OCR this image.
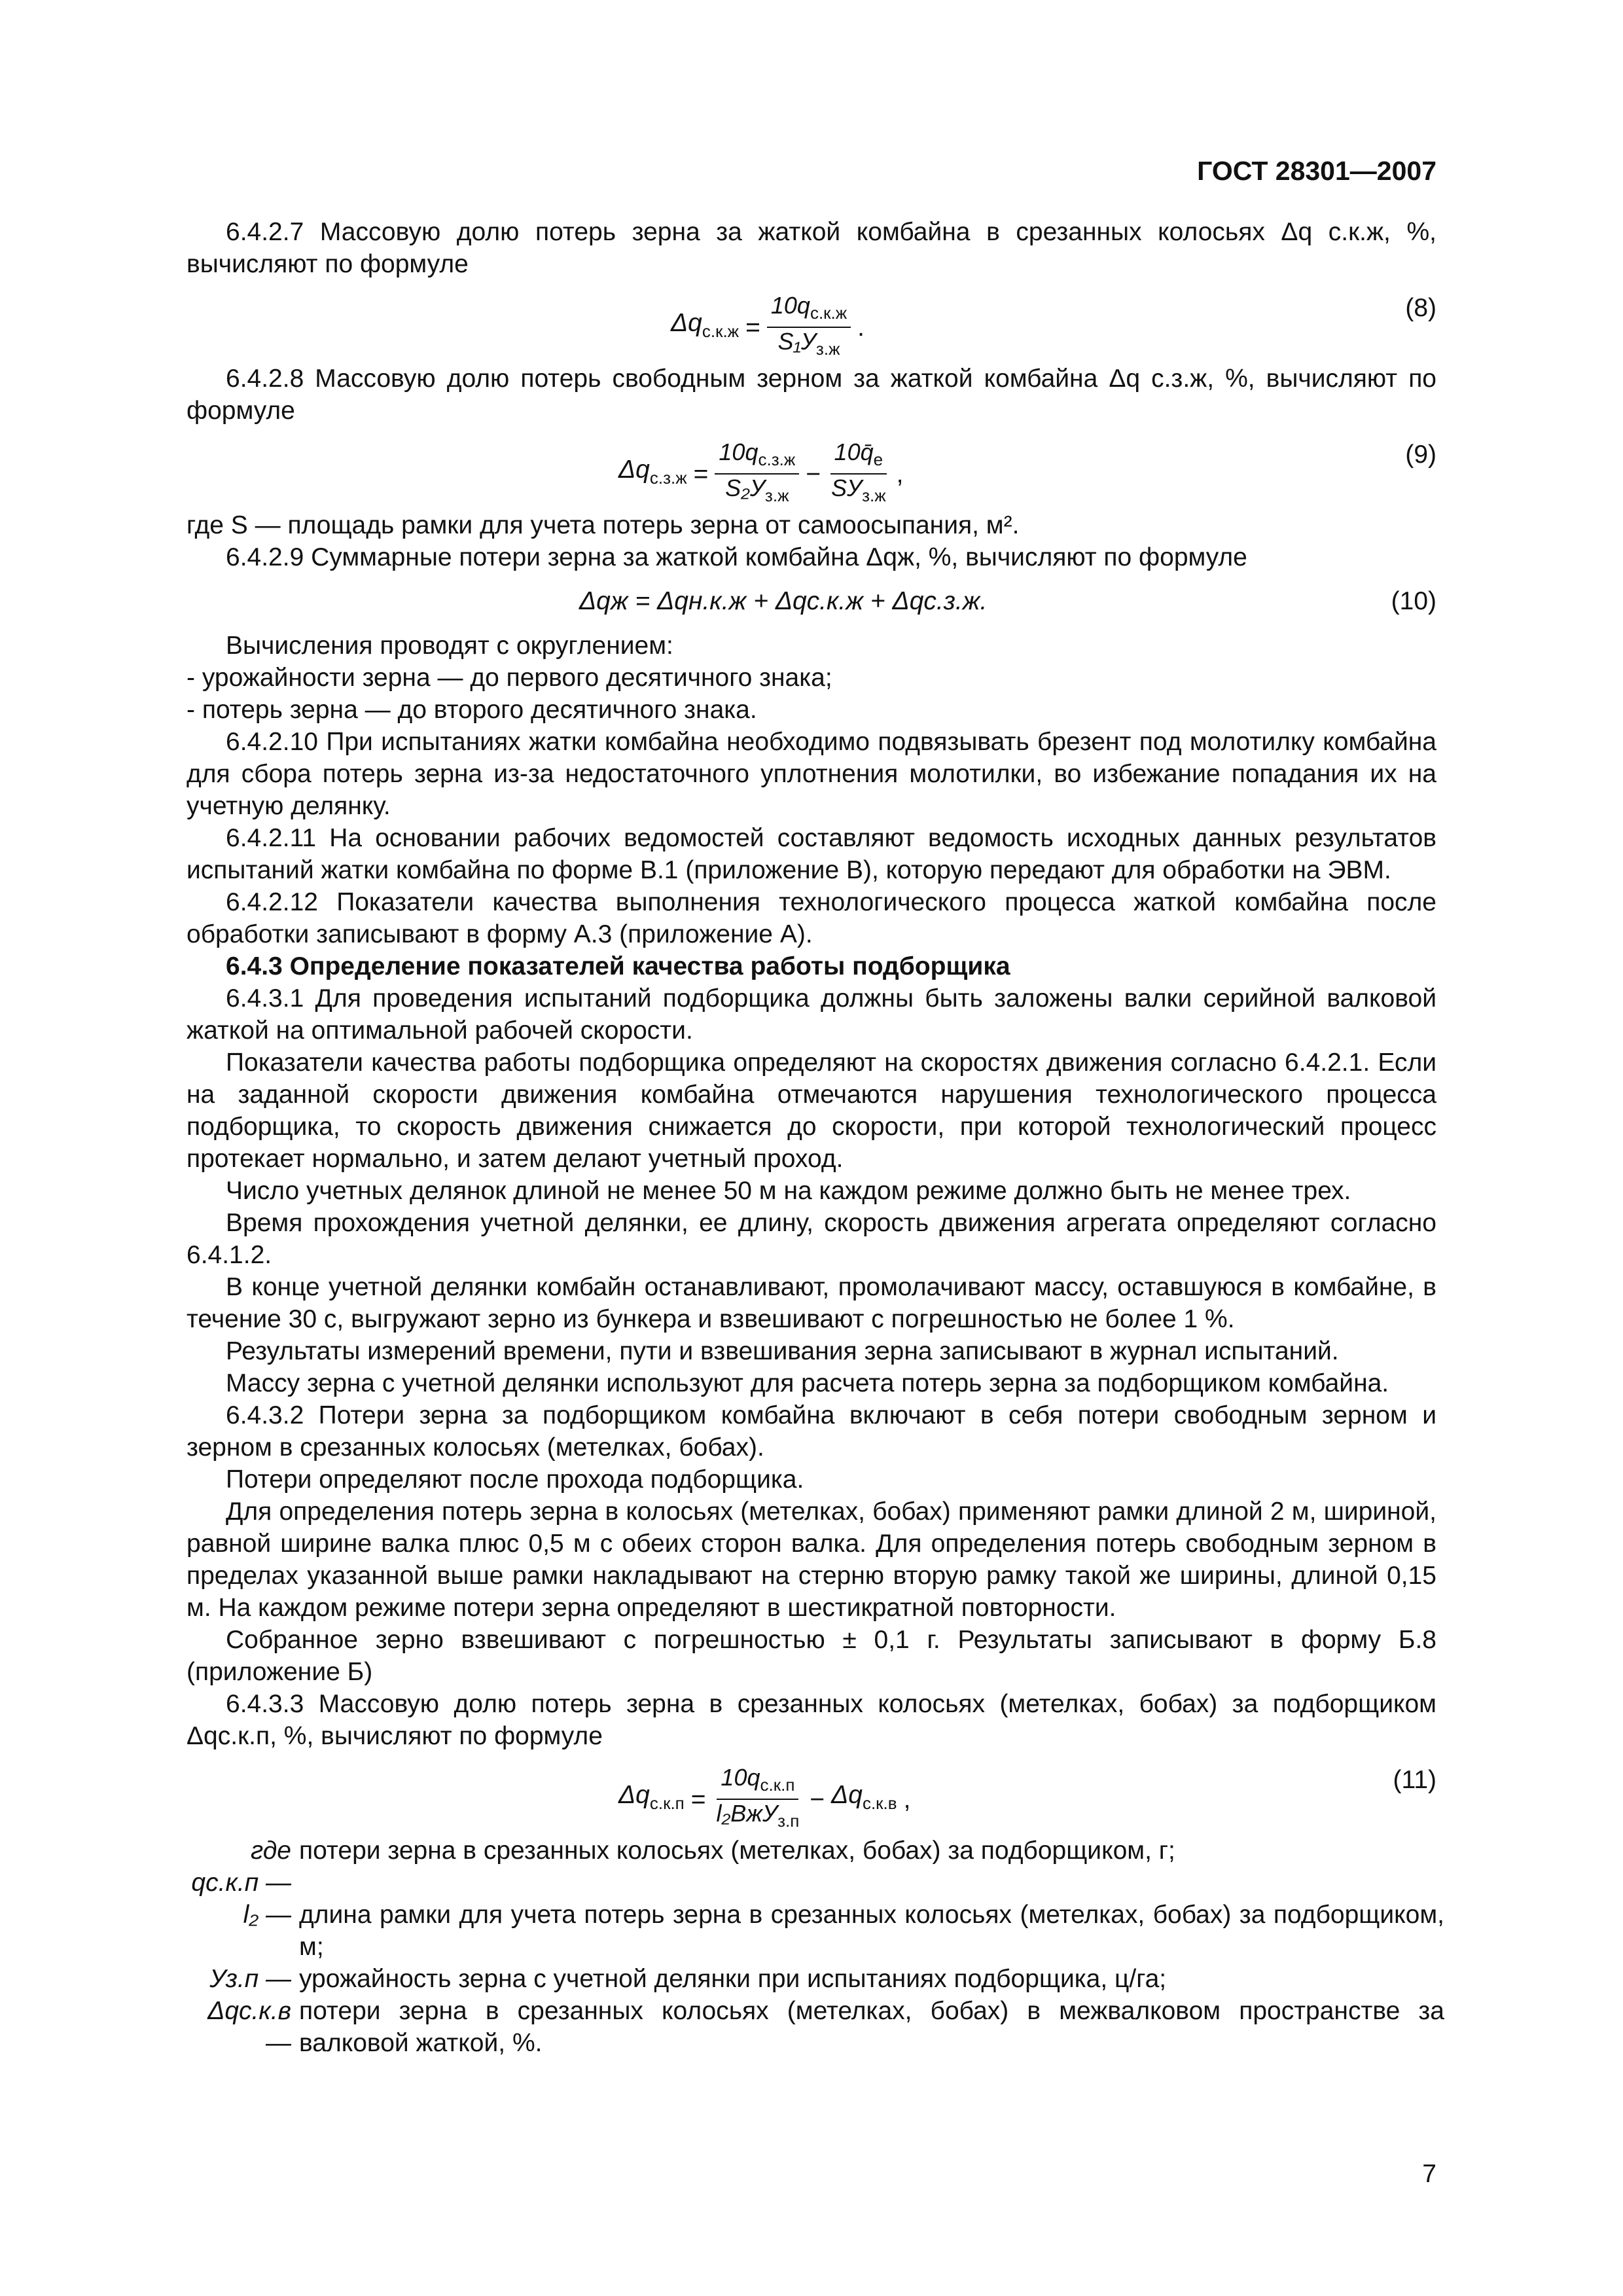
ГОСТ 28301—2007

6.4.2.7 Массовую долю потерь зерна за жаткой комбайна в срезанных колосьях Δq с.к.ж, %, вычисляют по формуле

$\Delta q_{с.к.ж} = \frac{10q_{с.к.ж}}{S_1У_{з.ж}}$ .
(8)

6.4.2.8 Массовую долю потерь свободным зерном за жаткой комбайна Δq с.з.ж, %, вычисляют по формуле

$\Delta q_{с.з.ж} = \frac{10q_{с.з.ж}}{S_2У_{з.ж}} - \frac{10q̄_е}{SУ_{з.ж}}$ ,
(9)

где S — площадь рамки для учета потерь зерна от самоосыпания, м².

6.4.2.9 Суммарные потери зерна за жаткой комбайна Δqж, %, вычисляют по формуле

Δqж = Δqн.к.ж + Δqс.к.ж + Δqс.з.ж.	(10)

Вычисления проводят с округлением:

- урожайности зерна — до первого десятичного знака;
- потерь зерна — до второго десятичного знака.

6.4.2.10 При испытаниях жатки комбайна необходимо подвязывать брезент под молотилку комбайна для сбора потерь зерна из-за недостаточного уплотнения молотилки, во избежание попадания их на учетную делянку.

6.4.2.11 На основании рабочих ведомостей составляют ведомость исходных данных результатов испытаний жатки комбайна по форме В.1 (приложение В), которую передают для обработки на ЭВМ.

6.4.2.12 Показатели качества выполнения технологического процесса жаткой комбайна после обработки записывают в форму А.3 (приложение А).

6.4.3 Определение показателей качества работы подборщика

6.4.3.1 Для проведения испытаний подборщика должны быть заложены валки серийной валковой жаткой на оптимальной рабочей скорости.

Показатели качества работы подборщика определяют на скоростях движения согласно 6.4.2.1. Если на заданной скорости движения комбайна отмечаются нарушения технологического процесса подборщика, то скорость движения снижается до скорости, при которой технологический процесс протекает нормально, и затем делают учетный проход.

Число учетных делянок длиной не менее 50 м на каждом режиме должно быть не менее трех.

Время прохождения учетной делянки, ее длину, скорость движения агрегата определяют согласно 6.4.1.2.

В конце учетной делянки комбайн останавливают, промолачивают массу, оставшуюся в комбайне, в течение 30 с, выгружают зерно из бункера и взвешивают с погрешностью не более 1 %.

Результаты измерений времени, пути и взвешивания зерна записывают в журнал испытаний.

Массу зерна с учетной делянки используют для расчета потерь зерна за подборщиком комбайна.

6.4.3.2 Потери зерна за подборщиком комбайна включают в себя потери свободным зерном и зерном в срезанных колосьях (метелках, бобах).

Потери определяют после прохода подборщика.

Для определения потерь зерна в колосьях (метелках, бобах) применяют рамки длиной 2 м, шириной, равной ширине валка плюс 0,5 м с обеих сторон валка. Для определения потерь свободным зерном в пределах указанной выше рамки накладывают на стерню вторую рамку такой же ширины, длиной 0,15 м. На каждом режиме потери зерна определяют в шестикратной повторности.

Собранное зерно взвешивают с погрешностью ± 0,1 г. Результаты записывают в форму Б.8 (приложение Б)

6.4.3.3 Массовую долю потерь зерна в срезанных колосьях (метелках, бобах) за подборщиком Δqс.к.п, %, вычисляют по формуле

$\Delta q_{с.к.п} = \frac{10q_{с.к.п}}{l_2BжУ_{з.п}} - \Delta q_{с.к.в}$ ,
(11)
где qс.к.п —
потери зерна в срезанных колосьях (метелках, бобах) за подборщиком, г;
l₂ — длина рамки для учета потерь зерна в срезанных колосьях (метелках, бобах) за подборщиком, м;
Уз.п — урожайность зерна с учетной делянки при испытаниях подборщика, ц/га;
Δqс.к.в —
потери зерна в срезанных колосьях (метелках, бобах) в межвалковом пространстве за валковой жаткой, %.
7
